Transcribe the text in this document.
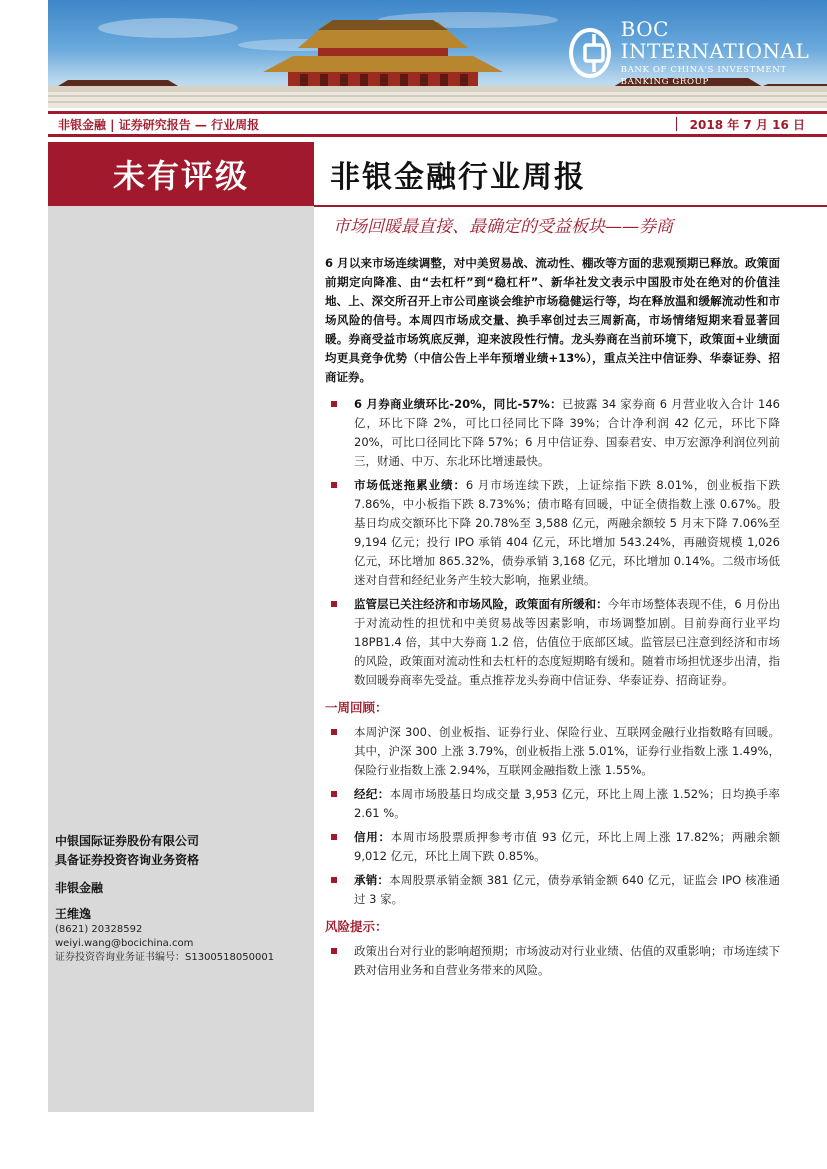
BOC INTERNATIONAL
BANK OF CHINA'S INVESTMENT BANKING GROUP
非银金融 | 证券研究报告 — 行业周报	2018 年 7 月 16 日
未有评级
中银国际证券股份有限公司
具备证券投资咨询业务资格
非银金融
王维逸
(8621) 20328592
weiyi.wang@bocichina.com
证券投资咨询业务证书编号：S1300518050001
非银金融行业周报
市场回暖最直接、最确定的受益板块——券商

6 月以来市场连续调整，对中美贸易战、流动性、棚改等方面的悲观预期已释放。政策面前期定向降准、由“去杠杆”到“稳杠杆”、新华社发文表示中国股市处在绝对的价值洼地、上、深交所召开上市公司座谈会维护市场稳健运行等，均在释放温和缓解流动性和市场风险的信号。本周四市场成交量、换手率创过去三周新高，市场情绪短期来看显著回暖。券商受益市场筑底反弹，迎来波段性行情。龙头券商在当前环境下，政策面+业绩面均更具竞争优势（中信公告上半年预增业绩+13%），重点关注中信证券、华泰证券、招商证券。

6 月券商业绩环比-20%，同比-57%：已披露 34 家券商 6 月营业收入合计 146 亿，环比下降 2%，可比口径同比下降 39%；合计净利润 42 亿元，环比下降 20%，可比口径同比下降 57%；6 月中信证券、国泰君安、申万宏源净利润位列前三，财通、中万、东北环比增速最快。

市场低迷拖累业绩：6 月市场连续下跌，上证综指下跌 8.01%，创业板指下跌 7.86%，中小板指下跌 8.73%%；债市略有回暖，中证全债指数上涨 0.67%。股基日均成交额环比下降 20.78%至 3,588 亿元，两融余额较 5 月末下降 7.06%至 9,194 亿元；投行 IPO 承销 404 亿元，环比增加 543.24%，再融资规模 1,026 亿元，环比增加 865.32%，债券承销 3,168 亿元，环比增加 0.14%。二级市场低迷对自营和经纪业务产生较大影响，拖累业绩。

监管层已关注经济和市场风险，政策面有所缓和：今年市场整体表现不佳，6 月份出于对流动性的担忧和中美贸易战等因素影响，市场调整加剧。目前券商行业平均 18PB1.4 倍，其中大券商 1.2 倍，估值位于底部区域。监管层已注意到经济和市场的风险，政策面对流动性和去杠杆的态度短期略有缓和。随着市场担忧逐步出清，指数回暖券商率先受益。重点推荐龙头券商中信证券、华泰证券、招商证券。

一周回顾：

本周沪深 300、创业板指、证券行业、保险行业、互联网金融行业指数略有回暖。其中，沪深 300 上涨 3.79%，创业板指上涨 5.01%，证券行业指数上涨 1.49%，保险行业指数上涨 2.94%，互联网金融指数上涨 1.55%。

经纪：本周市场股基日均成交量 3,953 亿元，环比上周上涨 1.52%；日均换手率 2.61 %。

信用：本周市场股票质押参考市值 93 亿元，环比上周上涨 17.82%；两融余额 9,012 亿元，环比上周下跌 0.85%。

承销：本周股票承销金额 381 亿元，债券承销金额 640 亿元，证监会 IPO 核准通过 3 家。

风险提示：

政策出台对行业的影响超预期；市场波动对行业业绩、估值的双重影响；市场连续下跌对信用业务和自营业务带来的风险。
